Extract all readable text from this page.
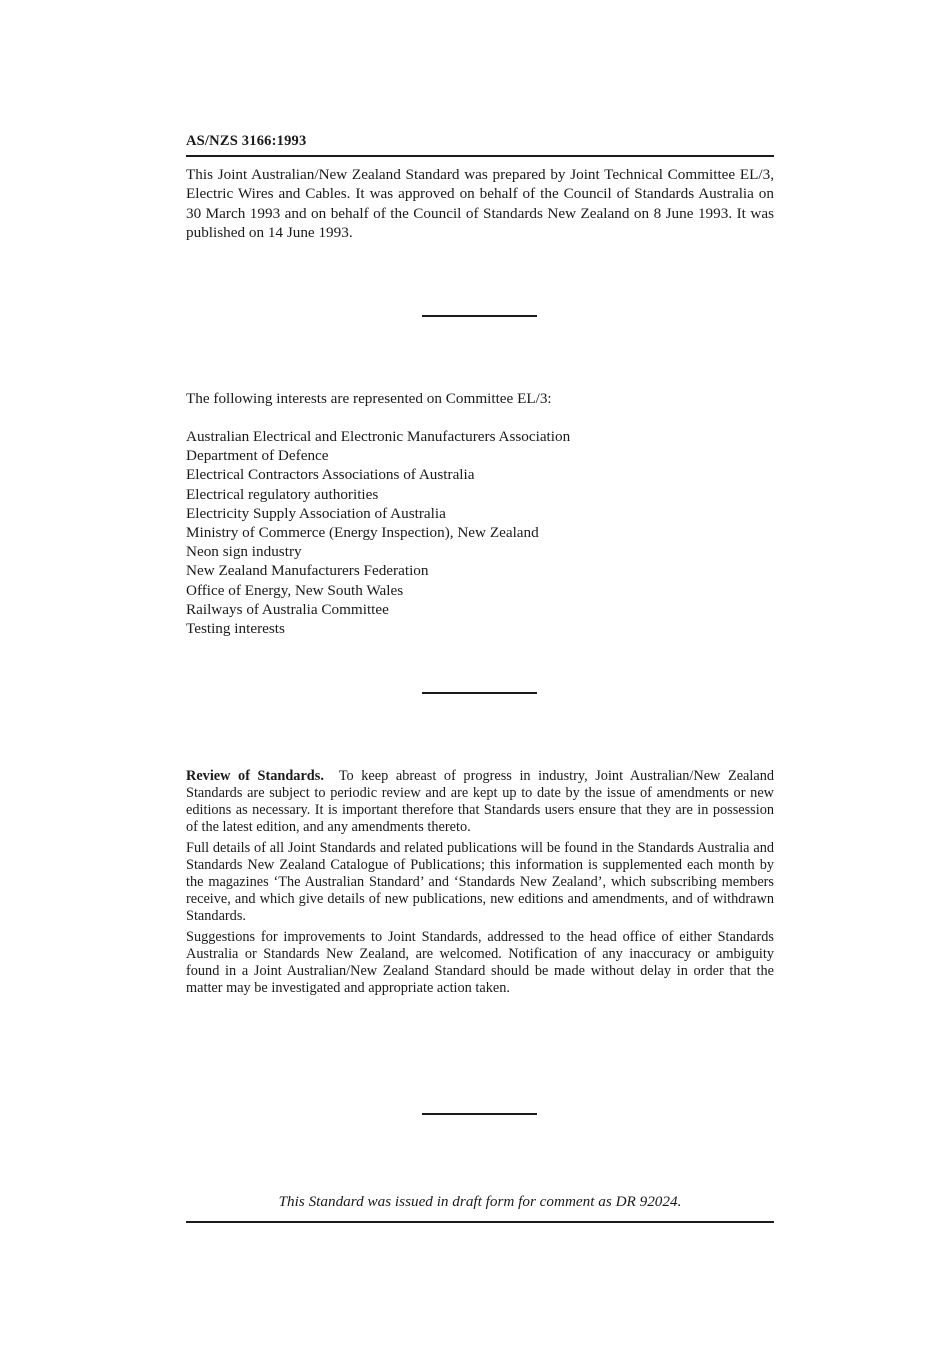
AS/NZS 3166:1993

This Joint Australian/New Zealand Standard was prepared by Joint Technical Committee EL/3, Electric Wires and Cables. It was approved on behalf of the Council of Standards Australia on 30 March 1993 and on behalf of the Council of Standards New Zealand on 8 June 1993. It was published on 14 June 1993.

The following interests are represented on Committee EL/3:

Australian Electrical and Electronic Manufacturers Association
Department of Defence
Electrical Contractors Associations of Australia
Electrical regulatory authorities
Electricity Supply Association of Australia
Ministry of Commerce (Energy Inspection), New Zealand
Neon sign industry
New Zealand Manufacturers Federation
Office of Energy, New South Wales
Railways of Australia Committee
Testing interests

Review of Standards. To keep abreast of progress in industry, Joint Australian/New Zealand Standards are subject to periodic review and are kept up to date by the issue of amendments or new editions as necessary. It is important therefore that Standards users ensure that they are in possession of the latest edition, and any amendments thereto.

Full details of all Joint Standards and related publications will be found in the Standards Australia and Standards New Zealand Catalogue of Publications; this information is supplemented each month by the magazines ‘The Australian Standard’ and ‘Standards New Zealand’, which subscribing members receive, and which give details of new publications, new editions and amendments, and of withdrawn Standards.

Suggestions for improvements to Joint Standards, addressed to the head office of either Standards Australia or Standards New Zealand, are welcomed. Notification of any inaccuracy or ambiguity found in a Joint Australian/New Zealand Standard should be made without delay in order that the matter may be investigated and appropriate action taken.

This Standard was issued in draft form for comment as DR 92024.
